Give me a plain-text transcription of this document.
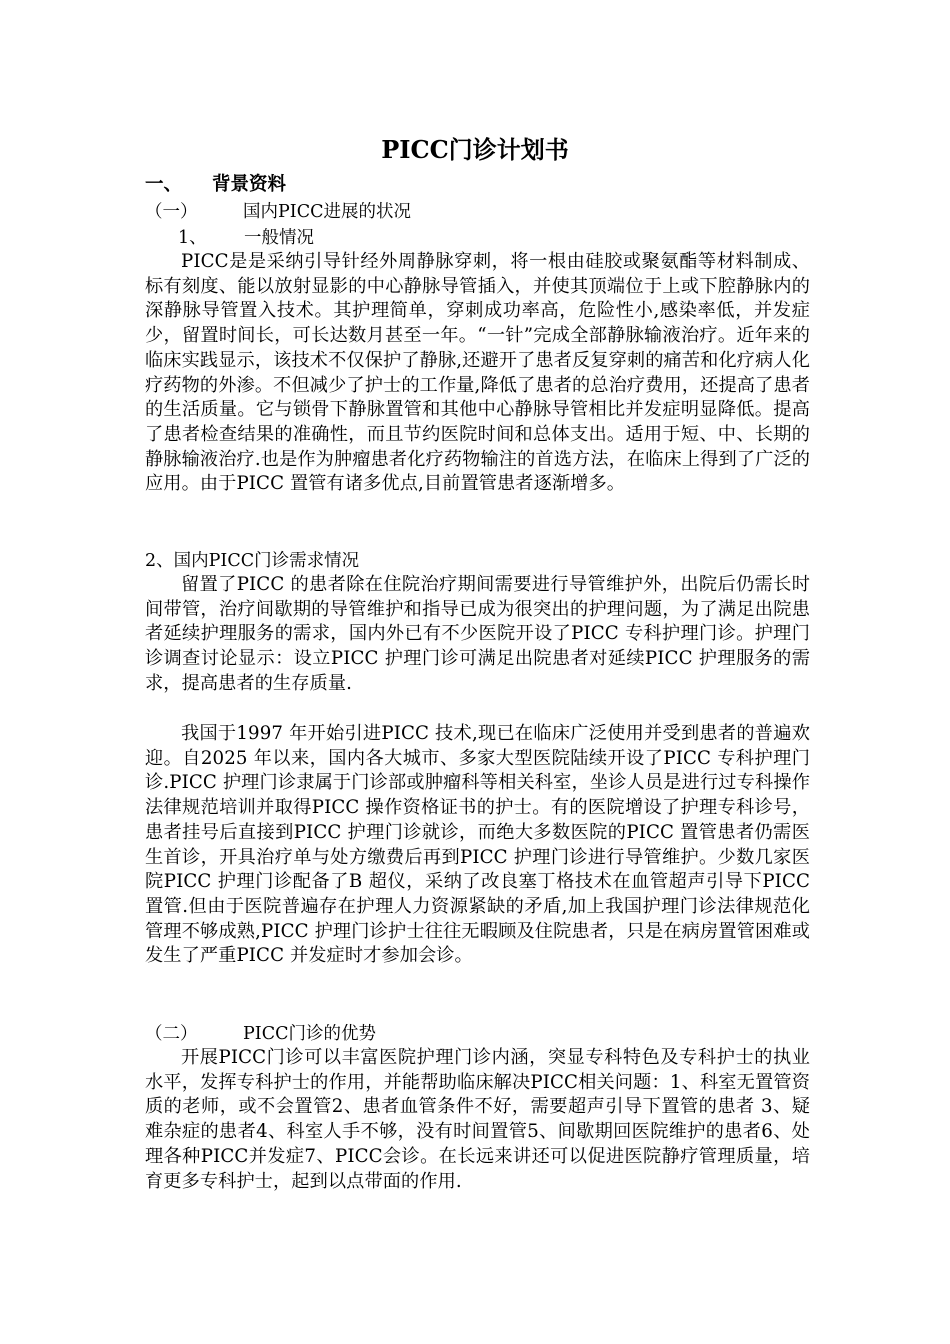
PICC门诊计划书
一、 背景资料
（一）	国内PICC进展的状况
1、 一般情况

PICC是是采纳引导针经外周静脉穿刺，将一根由硅胶或聚氨酯等材料制成、标有刻度、能以放射显影的中心静脉导管插入，并使其顶端位于上或下腔静脉内的深静脉导管置入技术。其护理简单，穿刺成功率高，危险性小,感染率低，并发症少，留置时间长，可长达数月甚至一年。“一针”完成全部静脉输液治疗。近年来的临床实践显示，该技术不仅保护了静脉,还避开了患者反复穿刺的痛苦和化疗病人化疗药物的外渗。不但减少了护士的工作量,降低了患者的总治疗费用，还提高了患者的生活质量。它与锁骨下静脉置管和其他中心静脉导管相比并发症明显降低。提高了患者检查结果的准确性，而且节约医院时间和总体支出。适用于短、中、长期的静脉输液治疗.也是作为肿瘤患者化疗药物输注的首选方法，在临床上得到了广泛的应用。由于PICC 置管有诸多优点,目前置管患者逐渐增多。

2、国内PICC门诊需求情况

留置了PICC 的患者除在住院治疗期间需要进行导管维护外，出院后仍需长时间带管，治疗间歇期的导管维护和指导已成为很突出的护理问题，为了满足出院患者延续护理服务的需求，国内外已有不少医院开设了PICC 专科护理门诊。护理门诊调查讨论显示：设立PICC 护理门诊可满足出院患者对延续PICC 护理服务的需求，提高患者的生存质量.

我国于1997 年开始引进PICC 技术,现已在临床广泛使用并受到患者的普遍欢迎。自2025 年以来，国内各大城市、多家大型医院陆续开设了PICC 专科护理门诊.PICC 护理门诊隶属于门诊部或肿瘤科等相关科室，坐诊人员是进行过专科操作法律规范培训并取得PICC 操作资格证书的护士。有的医院增设了护理专科诊号，患者挂号后直接到PICC 护理门诊就诊，而绝大多数医院的PICC 置管患者仍需医生首诊，开具治疗单与处方缴费后再到PICC 护理门诊进行导管维护。少数几家医院PICC 护理门诊配备了B 超仪，采纳了改良塞丁格技术在血管超声引导下PICC 置管.但由于医院普遍存在护理人力资源紧缺的矛盾,加上我国护理门诊法律规范化管理不够成熟,PICC 护理门诊护士往往无暇顾及住院患者，只是在病房置管困难或发生了严重PICC 并发症时才参加会诊。

（二）	PICC门诊的优势

开展PICC门诊可以丰富医院护理门诊内涵，突显专科特色及专科护士的执业水平，发挥专科护士的作用，并能帮助临床解决PICC相关问题：1、科室无置管资质的老师，或不会置管2、患者血管条件不好，需要超声引导下置管的患者 3、疑难杂症的患者4、科室人手不够，没有时间置管5、间歇期回医院维护的患者6、处理各种PICC并发症7、PICC会诊。在长远来讲还可以促进医院静疗管理质量，培育更多专科护士，起到以点带面的作用.
